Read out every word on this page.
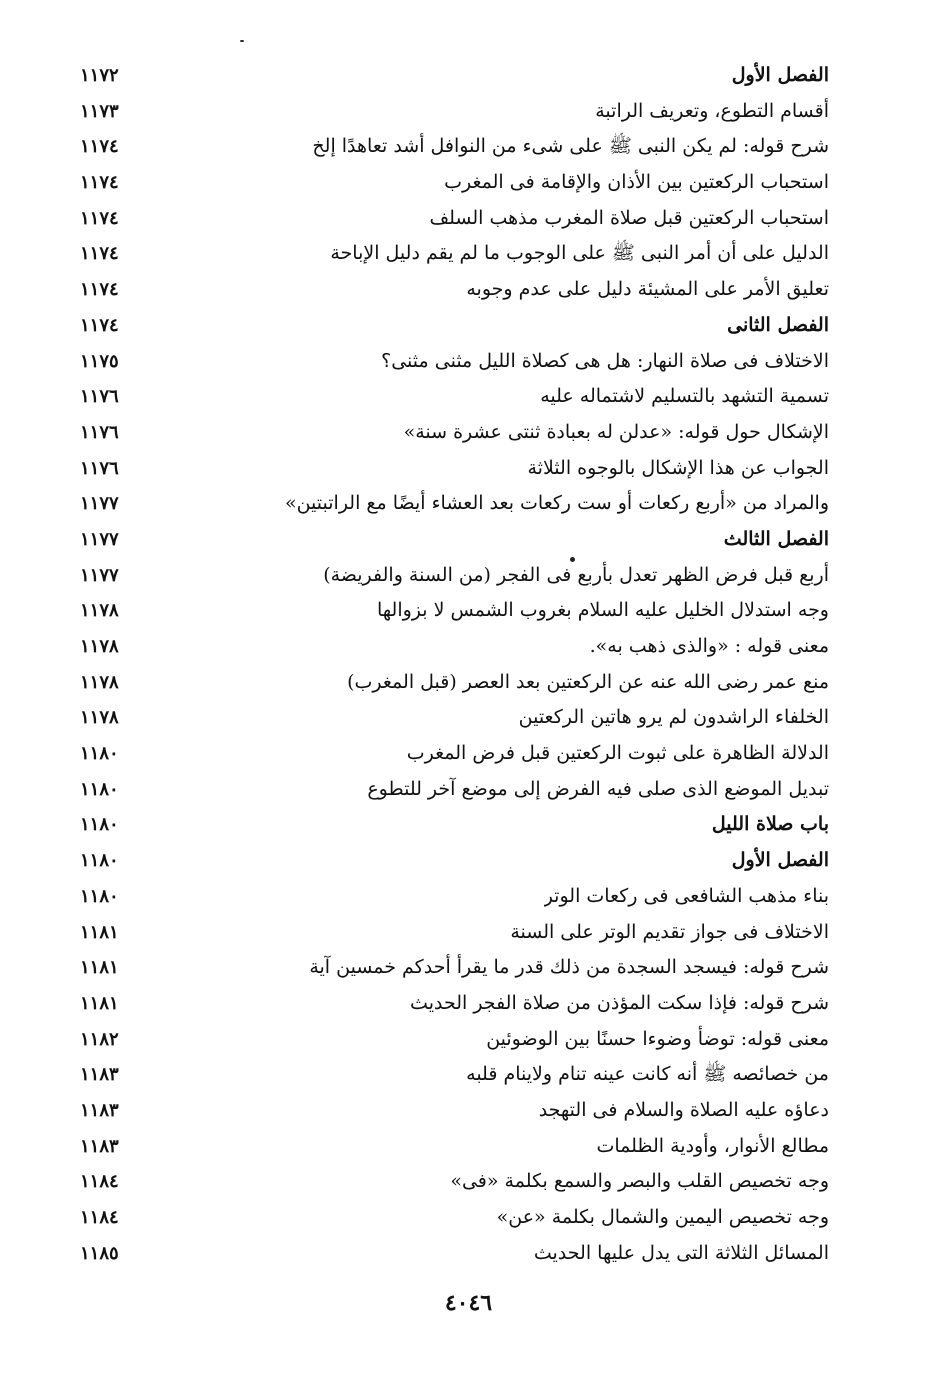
١١٧٢	الفصل الأول
١١٧٣	أقسام التطوع، وتعريف الراتبة
١١٧٤	شرح قوله: لم يكن النبى ﷺ على شىء من النوافل أشد تعاهدًا إلخ
١١٧٤	استحباب الركعتين بين الأذان والإقامة فى المغرب
١١٧٤	استحباب الركعتين قبل صلاة المغرب مذهب السلف
١١٧٤	الدليل على أن أمر النبى ﷺ على الوجوب ما لم يقم دليل الإباحة
١١٧٤	تعليق الأمر على المشيئة دليل على عدم وجوبه
١١٧٤	الفصل الثانى
١١٧٥	الاختلاف فى صلاة النهار: هل هى كصلاة الليل مثنى مثنى؟
١١٧٦	تسمية التشهد بالتسليم لاشتماله عليه
١١٧٦	الإشكال حول قوله: «عدلن له بعبادة ثنتى عشرة سنة»
١١٧٦	الجواب عن هذا الإشكال بالوجوه الثلاثة
١١٧٧	والمراد من «أربع ركعات أو ست ركعات بعد العشاء أيضًا مع الراتبتين»
١١٧٧	الفصل الثالث
١١٧٧	أربع قبل فرض الظهر تعدل بأربع فى الفجر (من السنة والفريضة)
١١٧٨	وجه استدلال الخليل عليه السلام بغروب الشمس لا بزوالها
١١٧٨	معنى قوله : «والذى ذهب به».
١١٧٨	منع عمر رضى الله عنه عن الركعتين بعد العصر (قبل المغرب)
١١٧٨	الخلفاء الراشدون لم يرو هاتين الركعتين
١١٨٠	الدلالة الظاهرة على ثبوت الركعتين قبل فرض المغرب
١١٨٠	تبديل الموضع الذى صلى فيه الفرض إلى موضع آخر للتطوع
١١٨٠	باب صلاة الليل
١١٨٠	الفصل الأول
١١٨٠	بناء مذهب الشافعى فى ركعات الوتر
١١٨١	الاختلاف فى جواز تقديم الوتر على السنة
١١٨١	شرح قوله: فيسجد السجدة من ذلك قدر ما يقرأ أحدكم خمسين آية
١١٨١	شرح قوله: فإذا سكت المؤذن من صلاة الفجر الحديث
١١٨٢	معنى قوله: توضأ وضوءا حسنًا بين الوضوئين
١١٨٣	من خصائصه ﷺ أنه كانت عينه تنام ولاينام قلبه
١١٨٣	دعاؤه عليه الصلاة والسلام فى التهجد
١١٨٣	مطالع الأنوار، وأودية الظلمات
١١٨٤	وجه تخصيص القلب والبصر والسمع بكلمة «فى»
١١٨٤	وجه تخصيص اليمين والشمال بكلمة «عن»
١١٨٥	المسائل الثلاثة التى يدل عليها الحديث
٤٠٤٦
